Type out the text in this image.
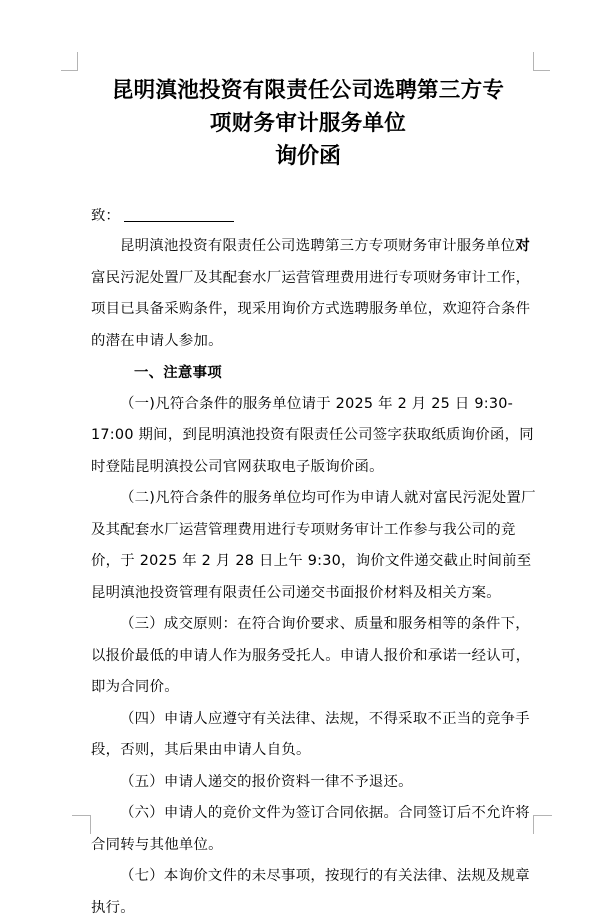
昆明滇池投资有限责任公司选聘第三方专
项财务审计服务单位
询价函
致：

昆明滇池投资有限责任公司选聘第三方专项财务审计服务单位对富民污泥处置厂及其配套水厂运营管理费用进行专项财务审计工作，项目已具备采购条件，现采用询价方式选聘服务单位，欢迎符合条件的潜在申请人参加。

一、注意事项

（一)凡符合条件的服务单位请于 2025 年 2 月 25 日 9:30-17:00 期间，到昆明滇池投资有限责任公司签字获取纸质询价函，同时登陆昆明滇投公司官网获取电子版询价函。

（二)凡符合条件的服务单位均可作为申请人就对富民污泥处置厂及其配套水厂运营管理费用进行专项财务审计工作参与我公司的竞价，于 2025 年 2 月 28 日上午 9:30，询价文件递交截止时间前至昆明滇池投资管理有限责任公司递交书面报价材料及相关方案。

（三）成交原则：在符合询价要求、质量和服务相等的条件下，以报价最低的申请人作为服务受托人。申请人报价和承诺一经认可，即为合同价。

（四）申请人应遵守有关法律、法规，不得采取不正当的竞争手段，否则，其后果由申请人自负。

（五）申请人递交的报价资料一律不予退还。

（六）申请人的竞价文件为签订合同依据。合同签订后不允许将合同转与其他单位。

（七）本询价文件的未尽事项，按现行的有关法律、法规及规章执行。
